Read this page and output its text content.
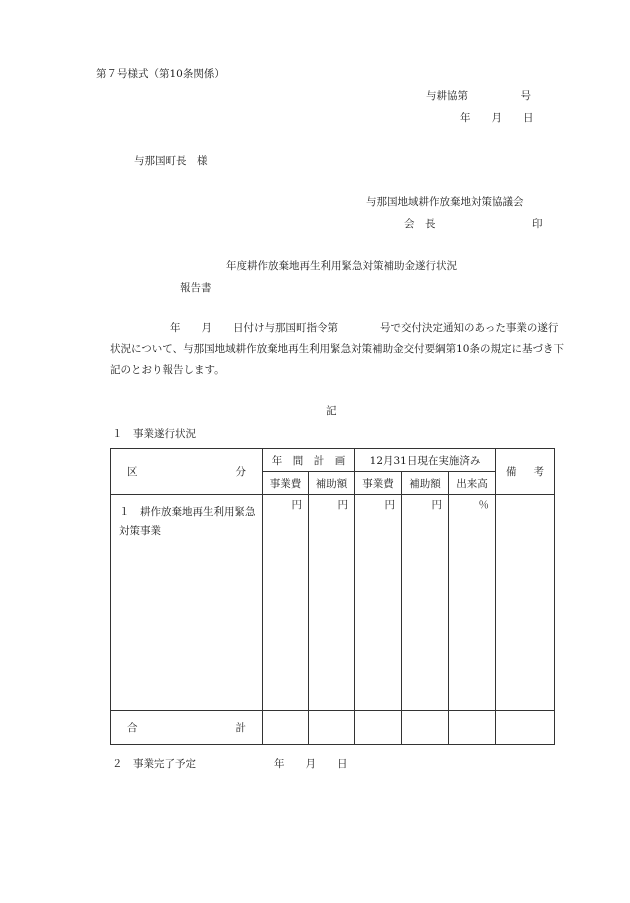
第７号様式（第10条関係）
与耕協第　　　　　号
年　　月　　日
与那国町長　様
与那国地域耕作放棄地対策協議会
会　長	印
年度耕作放棄地再生利用緊急対策補助金遂行状況
報告書
年　　月　　日付け与那国町指令第　　　　号で交付決定通知のあった事業の遂行状況について、与那国地域耕作放棄地再生利用緊急対策補助金交付要綱第10条の規定に基づき下記のとおり報告します。
記
１　事業遂行状況
区 分	年　間　計　画		12月31日現在実施済み			備 考

	事業費	補助額	事業費	補助額	出来高	
１　耕作放棄地再生利用緊急対策事業	円	円	円	円	％	

合 計						

２　事業完了予定	年　　月　　日
